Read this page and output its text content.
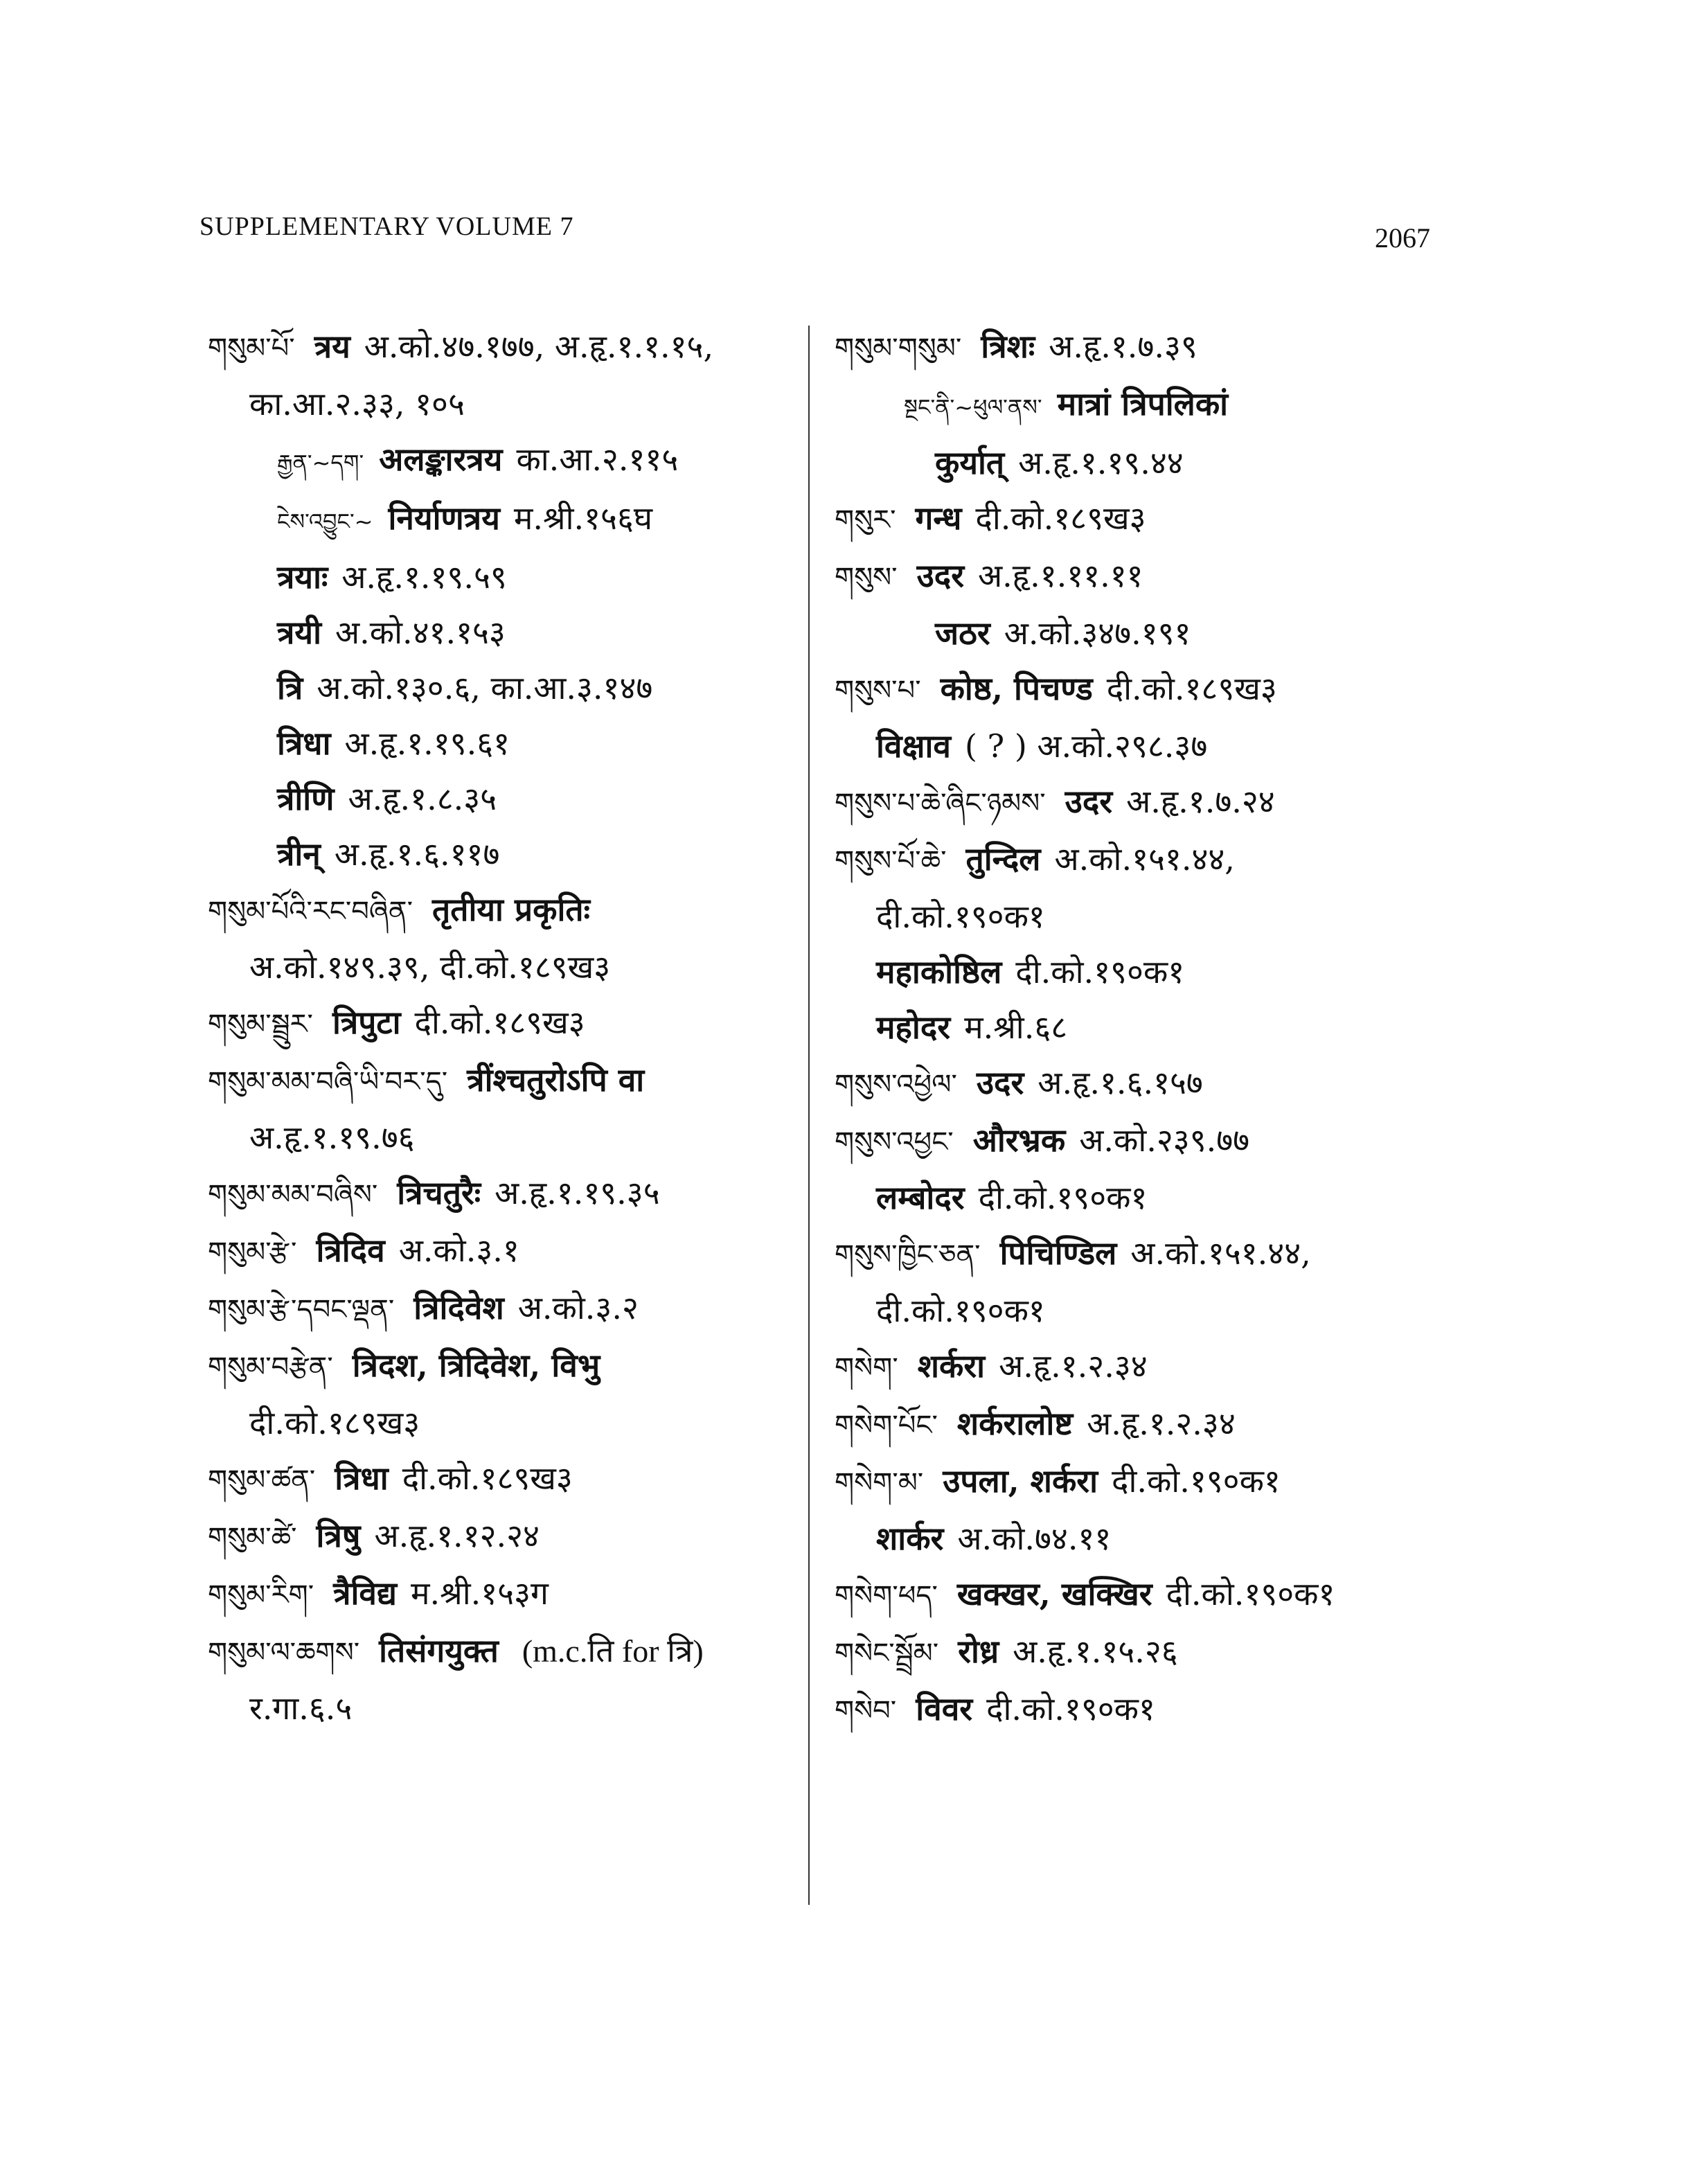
SUPPLEMENTARY VOLUME 7	2067
གསུམ་པོ་ त्रय अ.को.४७.१७७, अ.हृ.१.१.१५,
का.आ.२.३३, १०५
རྒྱན་~དག་ अलङ्कारत्रय का.आ.२.११५
ངེས་འབྱུང་~ निर्याणत्रय म.श्री.१५६घ
त्रयाः अ.हृ.१.१९.५९
त्रयी अ.को.४१.१५३
त्रि अ.को.१३०.६, का.आ.३.१४७
त्रिधा अ.हृ.१.१९.६१
त्रीणि अ.हृ.१.८.३५
त्रीन् अ.हृ.१.६.११७
གསུམ་པོའི་རང་བཞིན་ तृतीया प्रकृतिः
अ.को.१४९.३९, दी.को.१८९ख३
གསུམ་སྦྲུར་ त्रिपुटा दी.को.१८९ख३
གསུམ་མམ་བཞི་ཡི་བར་དུ་ त्रींश्चतुरोऽपि वा
अ.हृ.१.१९.७६
གསུམ་མམ་བཞིས་ त्रिचतुरैः अ.हृ.१.१९.३५
གསུམ་རྩེ་ त्रिदिव अ.को.३.१
གསུམ་རྩེ་དབང་ལྡན་ त्रिदिवेश अ.को.३.२
གསུམ་བརྩེན་ त्रिदश, त्रिदिवेश, विभु
दी.को.१८९ख३
གསུམ་ཚན་ त्रिधा दी.को.१८९ख३
གསུམ་ཚེ་ त्रिषु अ.हृ.१.१२.२४
གསུམ་རིག་ त्रैविद्य म.श्री.१५३ग
གསུམ་ལ་ཆགས་ तिसंगयुक्त (m.c.ति for त्रि)
र.गा.६.५
གསུམ་གསུམ་ त्रिशः अ.हृ.१.७.३९
སྔང་ནི་~ཕུལ་ནས་ मात्रां त्रिपलिकां
कुर्यात् अ.हृ.१.१९.४४
གསུར་ गन्ध दी.को.१८९ख३
གསུས་ उदर अ.हृ.१.११.११
जठर अ.को.३४७.१९१
གསུས་པ་ कोष्ठ, पिचण्ड दी.को.१८९ख३
विक्षाव ( ? ) अ.को.२९८.३७
གསུས་པ་ཆེ་ཞིང་ཉམས་ उदर अ.हृ.१.७.२४
གསུས་པོ་ཆེ་ तुन्दिल अ.को.१५१.४४,
दी.को.१९०क१
महाकोष्ठिल दी.को.१९०क१
महोदर म.श्री.६८
གསུས་འཕྱེལ་ उदर अ.हृ.१.६.१५७
གསུས་འཕྱང་ औरभ्रक अ.को.२३९.७७
लम्बोदर दी.को.१९०क१
གསུས་ཁྱིང་ཅན་ पिचिण्डिल अ.को.१५१.४४,
दी.को.१९०क१
གསེག་ शर्करा अ.हृ.१.२.३४
གསེག་པོང་ शर्करालोष्ट अ.हृ.१.२.३४
གསེག་མ་ उपला, शर्करा दी.को.१९०क१
शार्कर अ.को.७४.११
གསེག་ཕད་ खक्खर, खक्खिर दी.को.१९०क१
གསེང་སྦྲོམ་ रोध्र अ.हृ.१.१५.२६
གསེབ་ विवर दी.को.१९०क१
